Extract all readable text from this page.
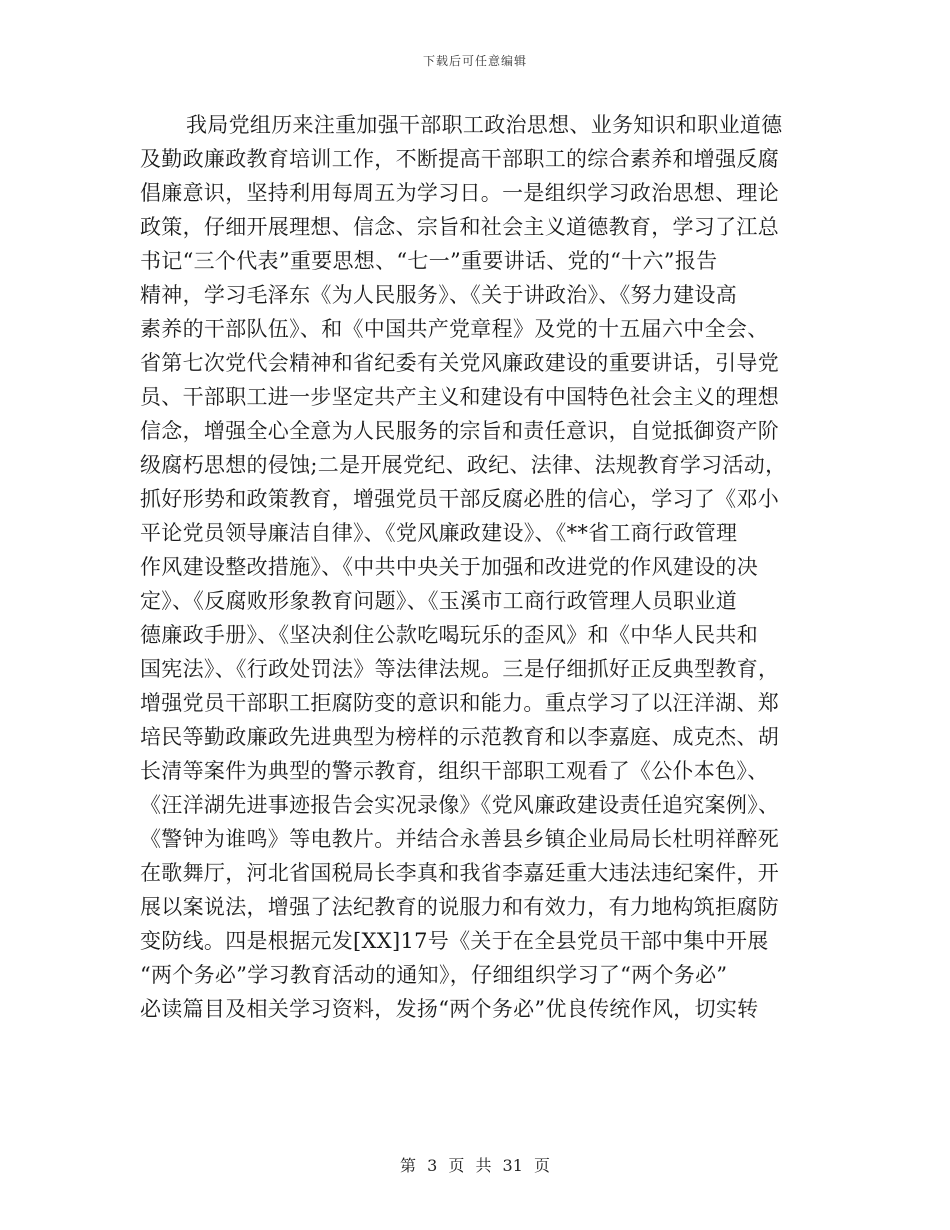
下载后可任意编辑
我局党组历来注重加强干部职工政治思想、业务知识和职业道德
及勤政廉政教育培训工作，不断提高干部职工的综合素养和增强反腐
倡廉意识，坚持利用每周五为学习日。一是组织学习政治思想、理论
政策，仔细开展理想、信念、宗旨和社会主义道德教育，学习了江总
书记“三个代表”重要思想、“七一”重要讲话、党的“十六”报告
精神，学习毛泽东《为人民服务》、《关于讲政治》、《努力建设高
素养的干部队伍》、和《中国共产党章程》及党的十五届六中全会、
省第七次党代会精神和省纪委有关党风廉政建设的重要讲话，引导党
员、干部职工进一步坚定共产主义和建设有中国特色社会主义的理想
信念，增强全心全意为人民服务的宗旨和责任意识，自觉抵御资产阶
级腐朽思想的侵蚀;二是开展党纪、政纪、法律、法规教育学习活动，
抓好形势和政策教育，增强党员干部反腐必胜的信心，学习了《邓小
平论党员领导廉洁自律》、《党风廉政建设》、《**省工商行政管理
作风建设整改措施》、《中共中央关于加强和改进党的作风建设的决
定》、《反腐败形象教育问题》、《玉溪市工商行政管理人员职业道
德廉政手册》、《坚决刹住公款吃喝玩乐的歪风》和《中华人民共和
国宪法》、《行政处罚法》等法律法规。三是仔细抓好正反典型教育，
增强党员干部职工拒腐防变的意识和能力。重点学习了以汪洋湖、郑
培民等勤政廉政先进典型为榜样的示范教育和以李嘉庭、成克杰、胡
长清等案件为典型的警示教育，组织干部职工观看了《公仆本色》、
《汪洋湖先进事迹报告会实况录像》《党风廉政建设责任追究案例》、
《警钟为谁鸣》等电教片。并结合永善县乡镇企业局局长杜明祥醉死
在歌舞厅，河北省国税局长李真和我省李嘉廷重大违法违纪案件，开
展以案说法，增强了法纪教育的说服力和有效力，有力地构筑拒腐防
变防线。四是根据元发[XX]17号《关于在全县党员干部中集中开展
“两个务必”学习教育活动的通知》，仔细组织学习了“两个务必”
必读篇目及相关学习资料，发扬“两个务必”优良传统作风，切实转
第 3 页 共 31 页
